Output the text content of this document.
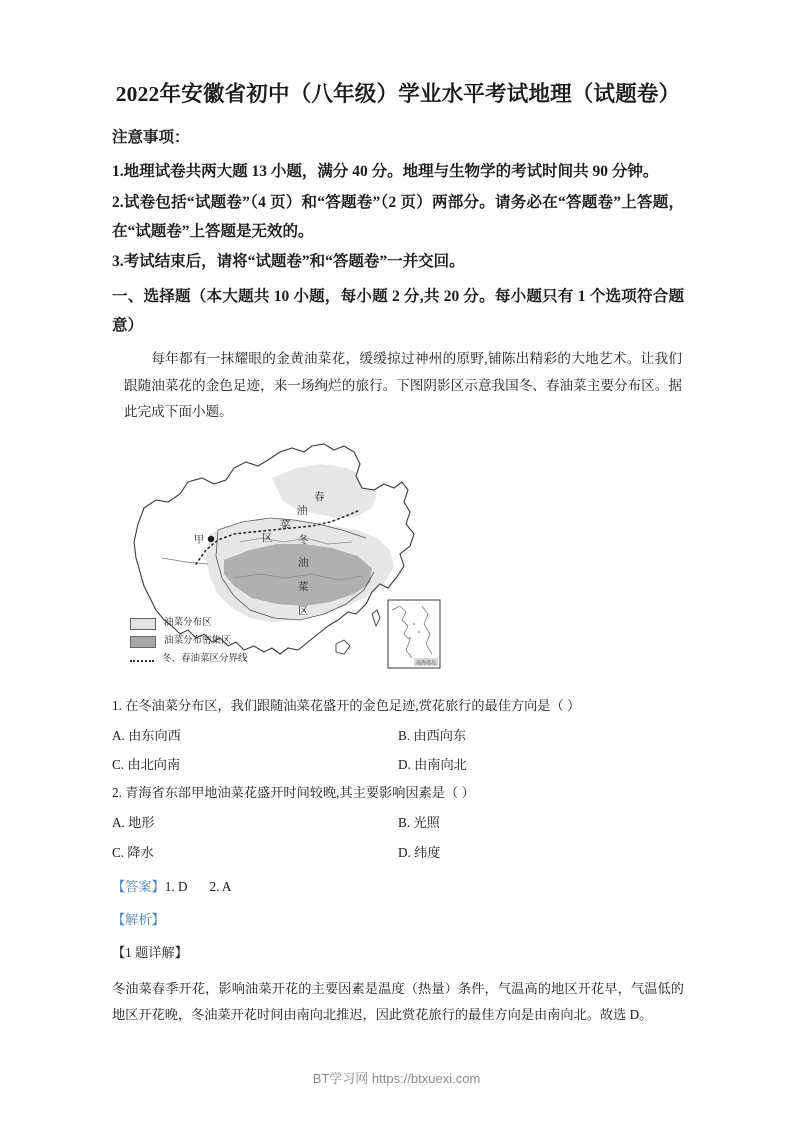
2022年安徽省初中（八年级）学业水平考试地理（试题卷）

注意事项：

1.地理试卷共两大题 13 小题，满分 40 分。地理与生物学的考试时间共 90 分钟。

2.试卷包括“试题卷”（4 页）和“答题卷”（2 页）两部分。请务必在“答题卷”上答题，在“试题卷”上答题是无效的。

3.考试结束后，请将“试题卷”和“答题卷”一并交回。

一、选择题（本大题共 10 小题，每小题 2 分,共 20 分。每小题只有 1 个选项符合题意）

每年都有一抹耀眼的金黄油菜花，缓缓掠过神州的原野,铺陈出精彩的大地艺术。让我们跟随油菜花的金色足迹，来一场绚烂的旅行。下图阴影区示意我国冬、春油菜主要分布区。据此完成下面小题。

甲
春
油
菜
区 冬
油
菜
区
南海诸岛
油菜分布区
油菜分布密集区
冬、春油菜区分界线

1. 在冬油菜分布区，我们跟随油菜花盛开的金色足迹,赏花旅行的最佳方向是（ ）

A. 由东向西	B. 由西向东
C. 由北向南	D. 由南向北

2. 青海省东部甲地油菜花盛开时间较晚,其主要影响因素是（ ）

A. 地形	B. 光照
C. 降水	D. 纬度

【答案】1. D 2. A

【解析】

【1 题详解】

冬油菜春季开花，影响油菜开花的主要因素是温度（热量）条件，气温高的地区开花早，气温低的地区开花晚，冬油菜开花时间由南向北推迟，因此赏花旅行的最佳方向是由南向北。故选 D。

BT学习网 https://btxuexi.com
